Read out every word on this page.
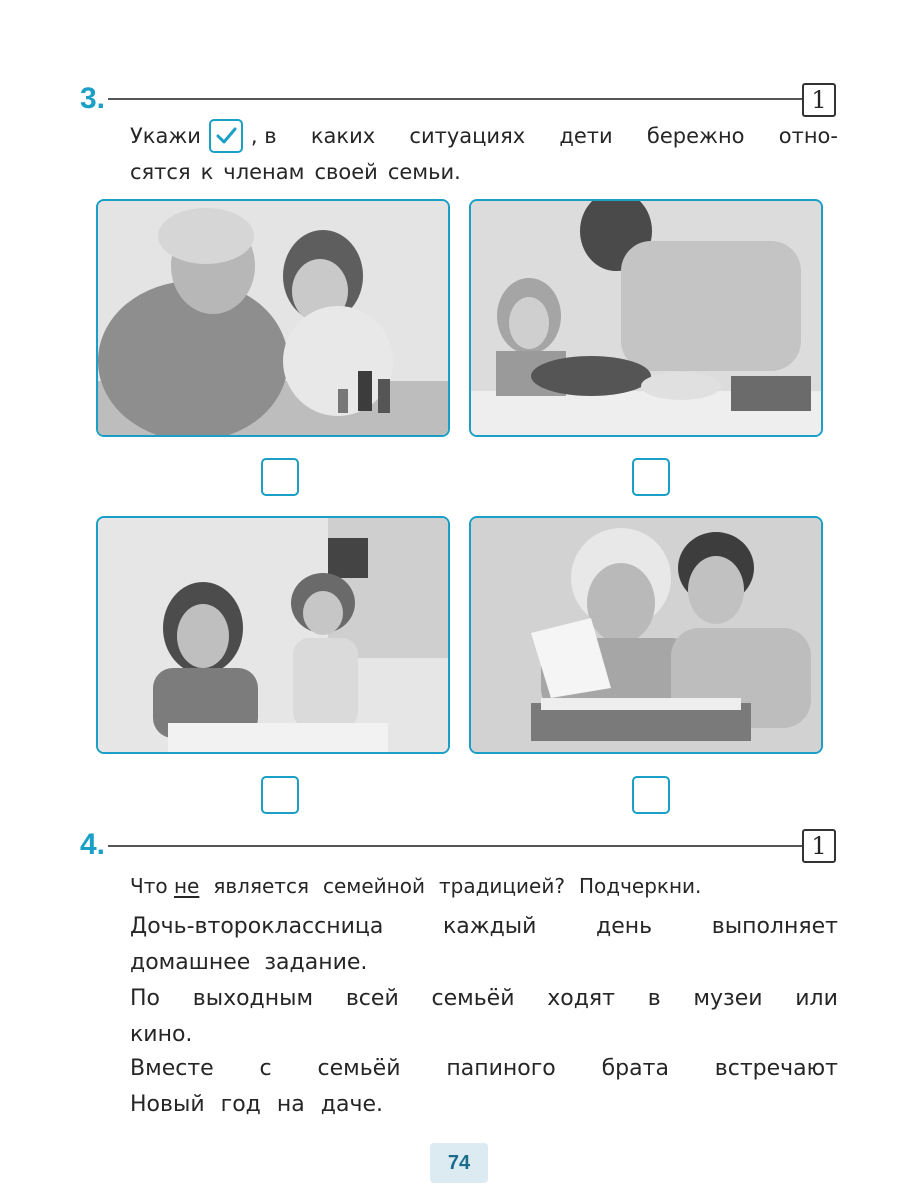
3.	1
Укажи , в каких ситуациях дети бережно отно-
сятся к членам своей семьи.
4.	1
Что не является семейной традицией? Подчеркни.
Дочь-второклассница	каждый	день	выполняет
домашнее задание.
По выходным всей семьёй ходят в музеи или
кино.
Вместе с семьёй папиного брата встречают
Новый год на даче.
74
